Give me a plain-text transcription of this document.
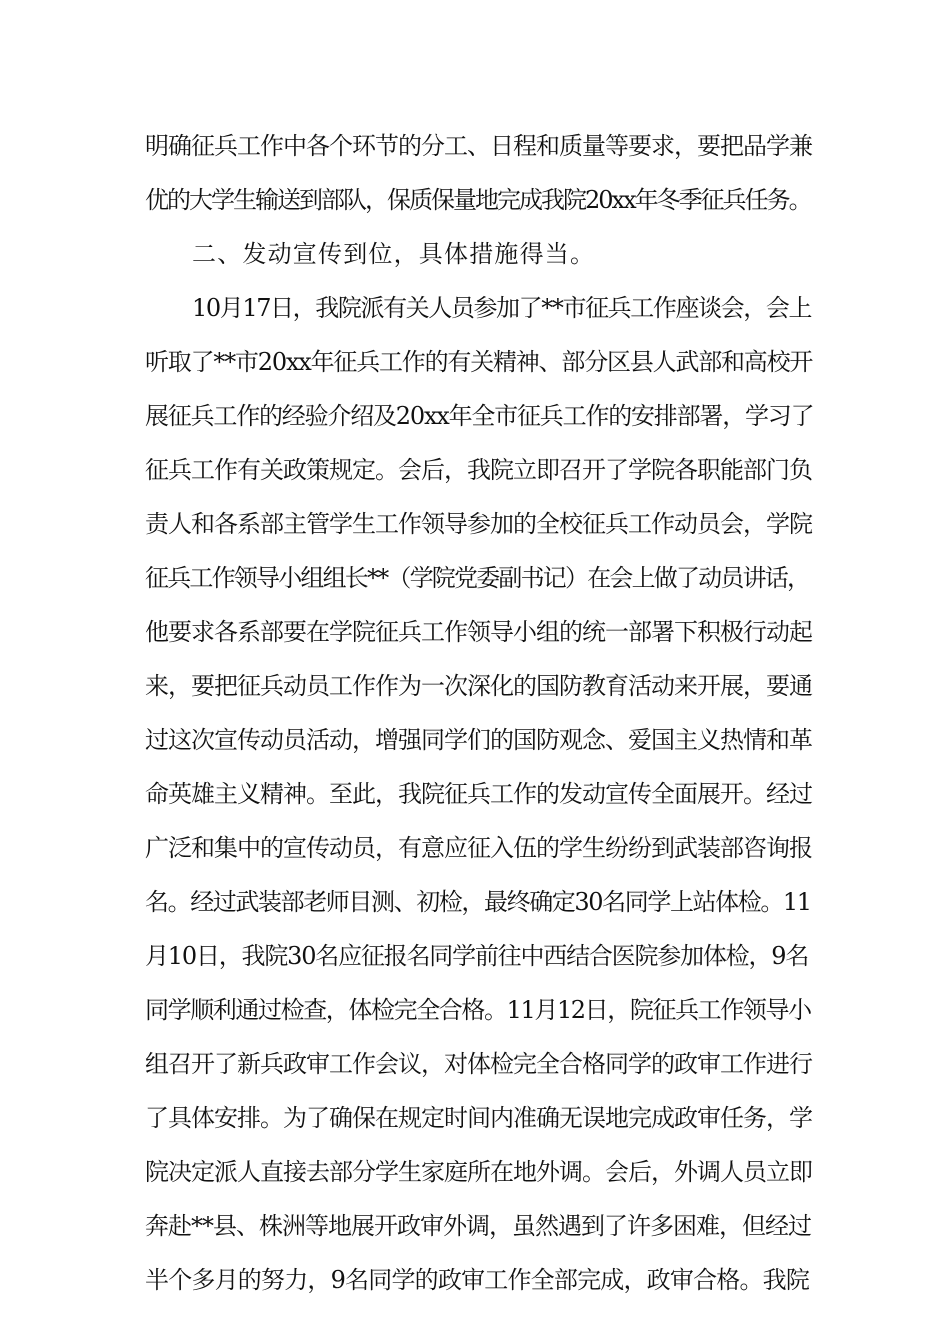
明确征兵工作中各个环节的分工、日程和质量等要求，要把品学兼
优的大学生输送到部队，保质保量地完成我院20xx年冬季征兵任务。
二、发动宣传到位，具体措施得当。
10月17日，我院派有关人员参加了**市征兵工作座谈会，会上
听取了**市20xx年征兵工作的有关精神、部分区县人武部和高校开
展征兵工作的经验介绍及20xx年全市征兵工作的安排部署，学习了
征兵工作有关政策规定。会后，我院立即召开了学院各职能部门负
责人和各系部主管学生工作领导参加的全校征兵工作动员会，学院
征兵工作领导小组组长**（学院党委副书记）在会上做了动员讲话，
他要求各系部要在学院征兵工作领导小组的统一部署下积极行动起
来，要把征兵动员工作作为一次深化的国防教育活动来开展，要通
过这次宣传动员活动，增强同学们的国防观念、爱国主义热情和革
命英雄主义精神。至此，我院征兵工作的发动宣传全面展开。经过
广泛和集中的宣传动员，有意应征入伍的学生纷纷到武装部咨询报
名。经过武装部老师目测、初检，最终确定30名同学上站体检。11
月10日，我院30名应征报名同学前往中西结合医院参加体检，9名
同学顺利通过检查，体检完全合格。11月12日，院征兵工作领导小
组召开了新兵政审工作会议，对体检完全合格同学的政审工作进行
了具体安排。为了确保在规定时间内准确无误地完成政审任务，学
院决定派人直接去部分学生家庭所在地外调。会后，外调人员立即
奔赴**县、株洲等地展开政审外调，虽然遇到了许多困难，但经过
半个多月的努力，9名同学的政审工作全部完成，政审合格。我院
